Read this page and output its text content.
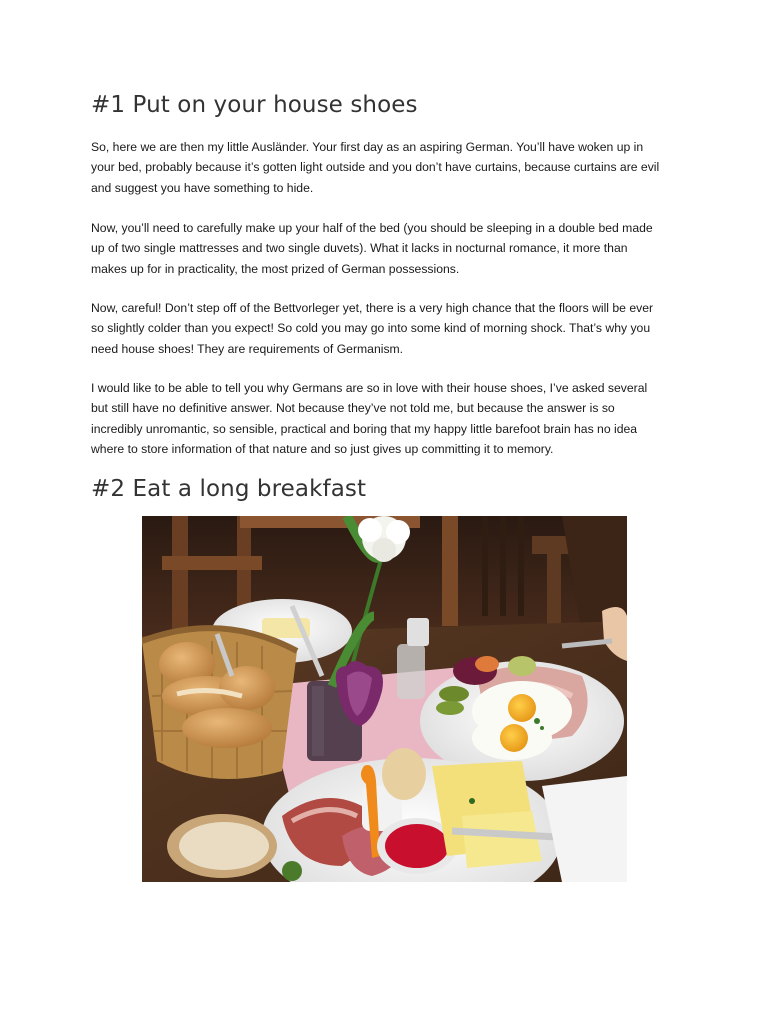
#1 Put on your house shoes

So, here we are then my little Ausländer. Your first day as an aspiring German. You’ll have woken up in
your bed, probably because it’s gotten light outside and you don’t have curtains, because curtains are evil
and suggest you have something to hide.

Now, you’ll need to carefully make up your half of the bed (you should be sleeping in a double bed made
up of two single mattresses and two single duvets). What it lacks in nocturnal romance, it more than
makes up for in practicality, the most prized of German possessions.

Now, careful! Don’t step off of the Bettvorleger yet, there is a very high chance that the floors will be ever
so slightly colder than you expect! So cold you may go into some kind of morning shock. That’s why you
need house shoes! They are requirements of Germanism.

I would like to be able to tell you why Germans are so in love with their house shoes, I’ve asked several
but still have no definitive answer. Not because they’ve not told me, but because the answer is so
incredibly unromantic, so sensible, practical and boring that my happy little barefoot brain has no idea
where to store information of that nature and so just gives up committing it to memory.

#2 Eat a long breakfast
